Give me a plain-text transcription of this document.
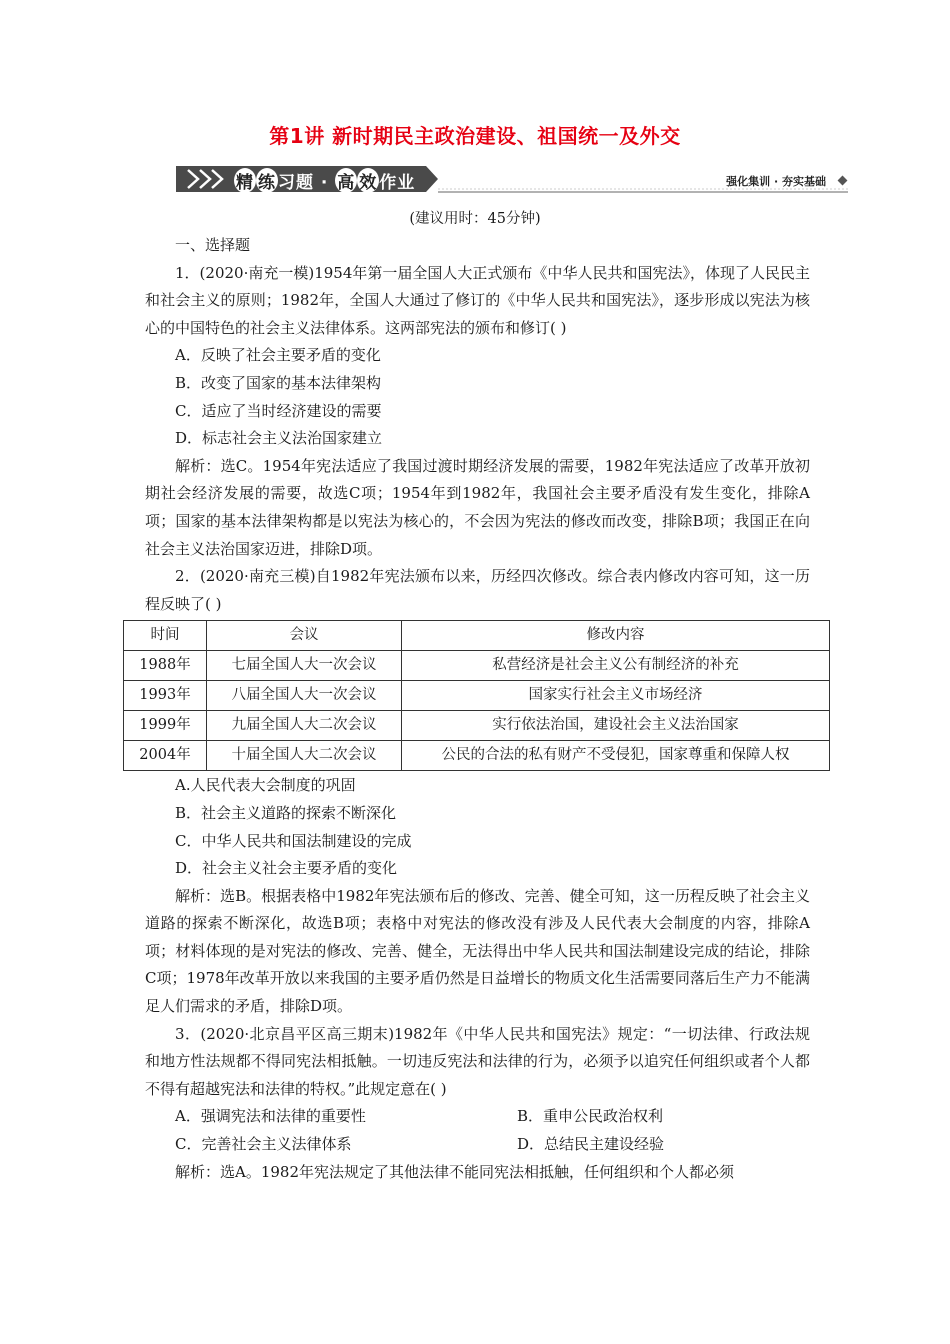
第1讲 新时期民主政治建设、祖国统一及外交
精 练 习题 · 高 效 作业	强化集训 · 夯实基础
(建议用时：45分钟)

一、选择题

1．(2020·南充一模)1954年第一届全国人大正式颁布《中华人民共和国宪法》，体现了人民民主和社会主义的原则；1982年，全国人大通过了修订的《中华人民共和国宪法》，逐步形成以宪法为核心的中国特色的社会主义法律体系。这两部宪法的颁布和修订( )

A．反映了社会主要矛盾的变化

B．改变了国家的基本法律架构

C．适应了当时经济建设的需要

D．标志社会主义法治国家建立

解析：选C。1954年宪法适应了我国过渡时期经济发展的需要，1982年宪法适应了改革开放初期社会经济发展的需要，故选C项；1954年到1982年，我国社会主要矛盾没有发生变化，排除A项；国家的基本法律架构都是以宪法为核心的，不会因为宪法的修改而改变，排除B项；我国正在向社会主义法治国家迈进，排除D项。

2．(2020·南充三模)自1982年宪法颁布以来，历经四次修改。综合表内修改内容可知，这一历程反映了( )

时间	会议	修改内容
1988年	七届全国人大一次会议	私营经济是社会主义公有制经济的补充
1993年	八届全国人大一次会议	国家实行社会主义市场经济
1999年	九届全国人大二次会议	实行依法治国，建设社会主义法治国家
2004年	十届全国人大二次会议	公民的合法的私有财产不受侵犯，国家尊重和保障人权

A.人民代表大会制度的巩固

B．社会主义道路的探索不断深化

C．中华人民共和国法制建设的完成

D．社会主义社会主要矛盾的变化

解析：选B。根据表格中1982年宪法颁布后的修改、完善、健全可知，这一历程反映了社会主义道路的探索不断深化，故选B项；表格中对宪法的修改没有涉及人民代表大会制度的内容，排除A项；材料体现的是对宪法的修改、完善、健全，无法得出中华人民共和国法制建设完成的结论，排除C项；1978年改革开放以来我国的主要矛盾仍然是日益增长的物质文化生活需要同落后生产力不能满足人们需求的矛盾，排除D项。

3．(2020·北京昌平区高三期末)1982年《中华人民共和国宪法》规定：“一切法律、行政法规和地方性法规都不得同宪法相抵触。一切违反宪法和法律的行为，必须予以追究任何组织或者个人都不得有超越宪法和法律的特权。”此规定意在( )

A．强调宪法和法律的重要性	B．重申公民政治权利
C．完善社会主义法律体系	D．总结民主建设经验

解析：选A。1982年宪法规定了其他法律不能同宪法相抵触，任何组织和个人都必须
